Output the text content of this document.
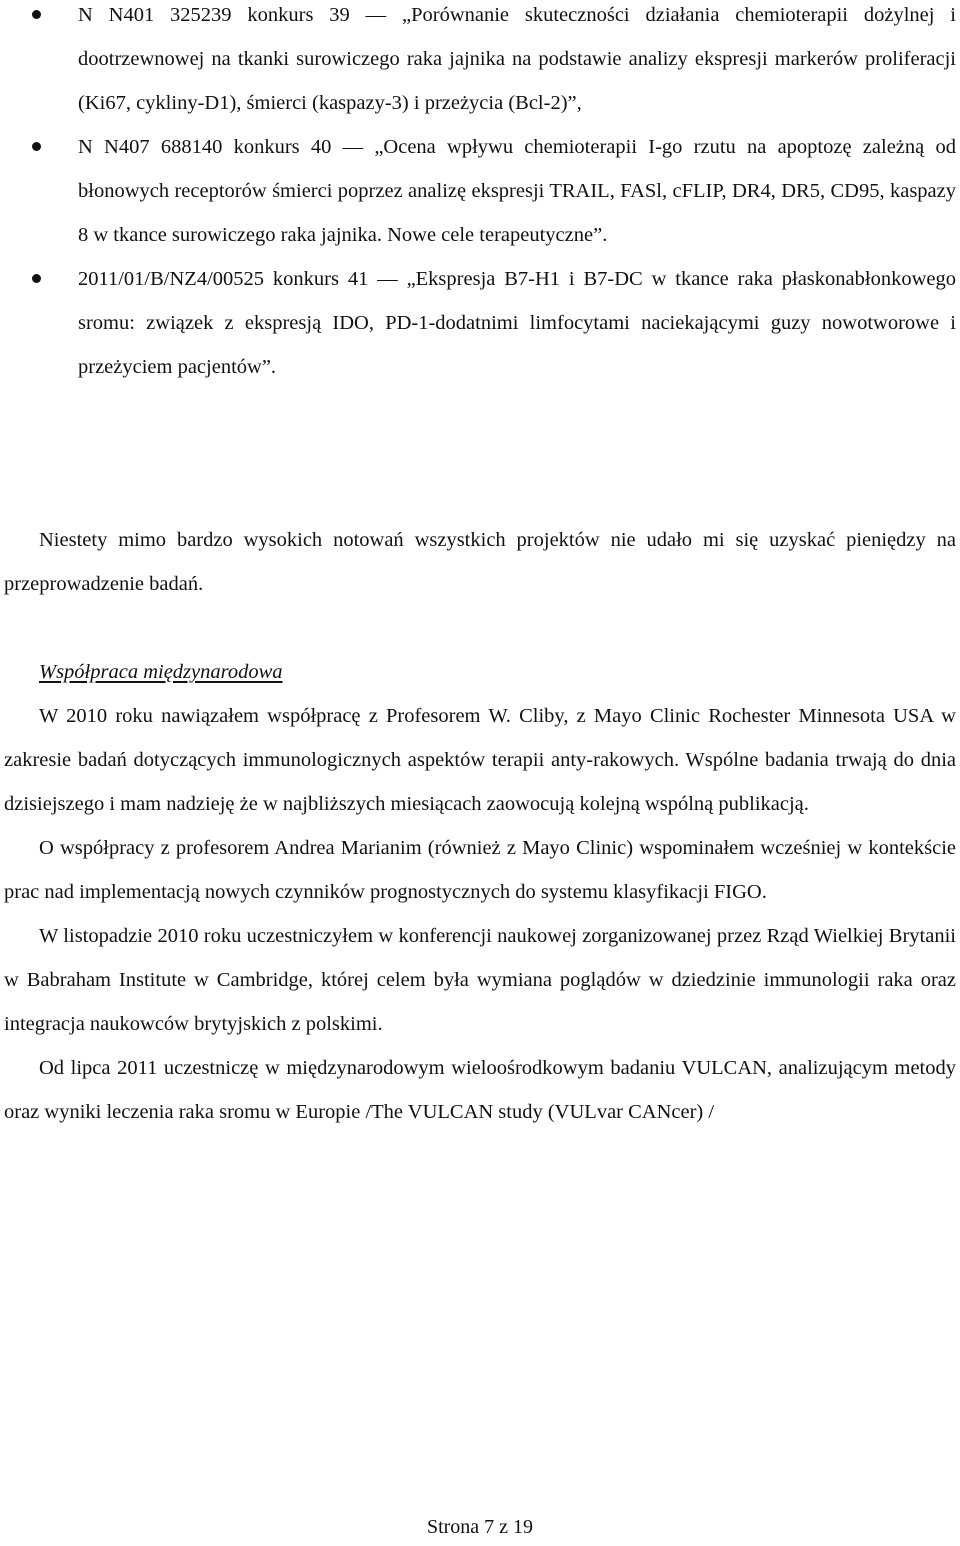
N N401 325239 konkurs 39 ― „Porównanie skuteczności działania chemioterapii dożylnej i dootrzewnowej na tkanki surowiczego raka jajnika na podstawie analizy ekspresji markerów proliferacji (Ki67, cykliny-D1), śmierci (kaspazy-3) i przeżycia (Bcl-2)”,
N N407 688140 konkurs 40 ― „Ocena wpływu chemioterapii I-go rzutu na apoptozę zależną od błonowych receptorów śmierci poprzez analizę ekspresji TRAIL, FASl, cFLIP, DR4, DR5, CD95, kaspazy 8 w tkance surowiczego raka jajnika. Nowe cele terapeutyczne”.
2011/01/B/NZ4/00525 konkurs 41 ― „Ekspresja B7-H1 i B7-DC w tkance raka płaskonabłonkowego sromu: związek z ekspresją IDO, PD-1-dodatnimi limfocytami naciekającymi guzy nowotworowe i przeżyciem pacjentów”.

Niestety mimo bardzo wysokich notowań wszystkich projektów nie udało mi się uzyskać pieniędzy na przeprowadzenie badań.

Współpraca międzynarodowa

W 2010 roku nawiązałem współpracę z Profesorem W. Cliby, z Mayo Clinic Rochester Minnesota USA w zakresie badań dotyczących immunologicznych aspektów terapii anty-rakowych. Wspólne badania trwają do dnia dzisiejszego i mam nadzieję że w najbliższych miesiącach zaowocują kolejną wspólną publikacją.

O współpracy z profesorem Andrea Marianim (również z Mayo Clinic) wspominałem wcześniej w kontekście prac nad implementacją nowych czynników prognostycznych do systemu klasyfikacji FIGO.

W listopadzie 2010 roku uczestniczyłem w konferencji naukowej zorganizowanej przez Rząd Wielkiej Brytanii w Babraham Institute w Cambridge, której celem była wymiana poglądów w dziedzinie immunologii raka oraz integracja naukowców brytyjskich z polskimi.

Od lipca 2011 uczestniczę w międzynarodowym wieloośrodkowym badaniu VULCAN, analizującym metody oraz wyniki leczenia raka sromu w Europie /The VULCAN study (VULvar CANcer) /

Strona 7 z 19
